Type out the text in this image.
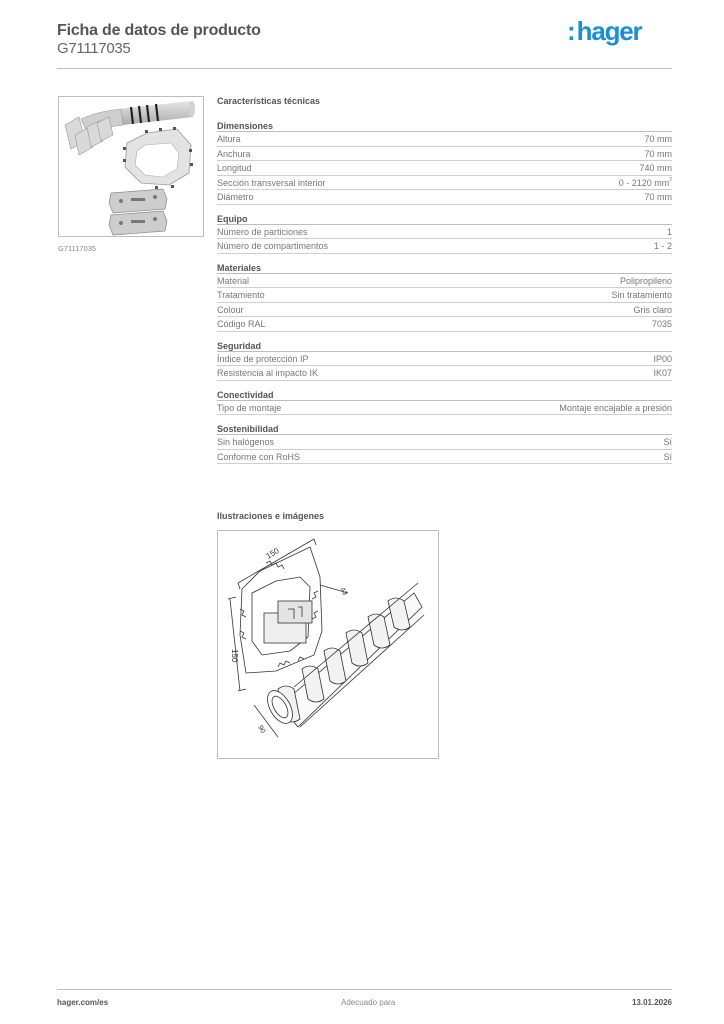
Ficha de datos de producto
G71117035
:hager
G71117035
Características técnicas
Dimensiones
Altura	70 mm
Anchura	70 mm
Longitud	740 mm
Sección transversal interior	0 - 2120 $mm^2$
Diámetro	70 mm
Equipo
Número de particiones	1
Número de compartimentos	1 - 2
Materiales
Material	Polipropileno
Tratamiento	Sin tratamiento
Colour	Gris claro
Código RAL	7035
Seguridad
Índice de protección IP	IP00
Resistencia al impacto IK	IK07
Conectividad
Tipo de montaje	Montaje encajable a presión
Sostenibilidad
Sin halógenos	Sí
Conforme con RoHS	Sí
Ilustraciones e imágenes
150
150
43
90
hager.com/es	Adecuado para	13.01.2026
